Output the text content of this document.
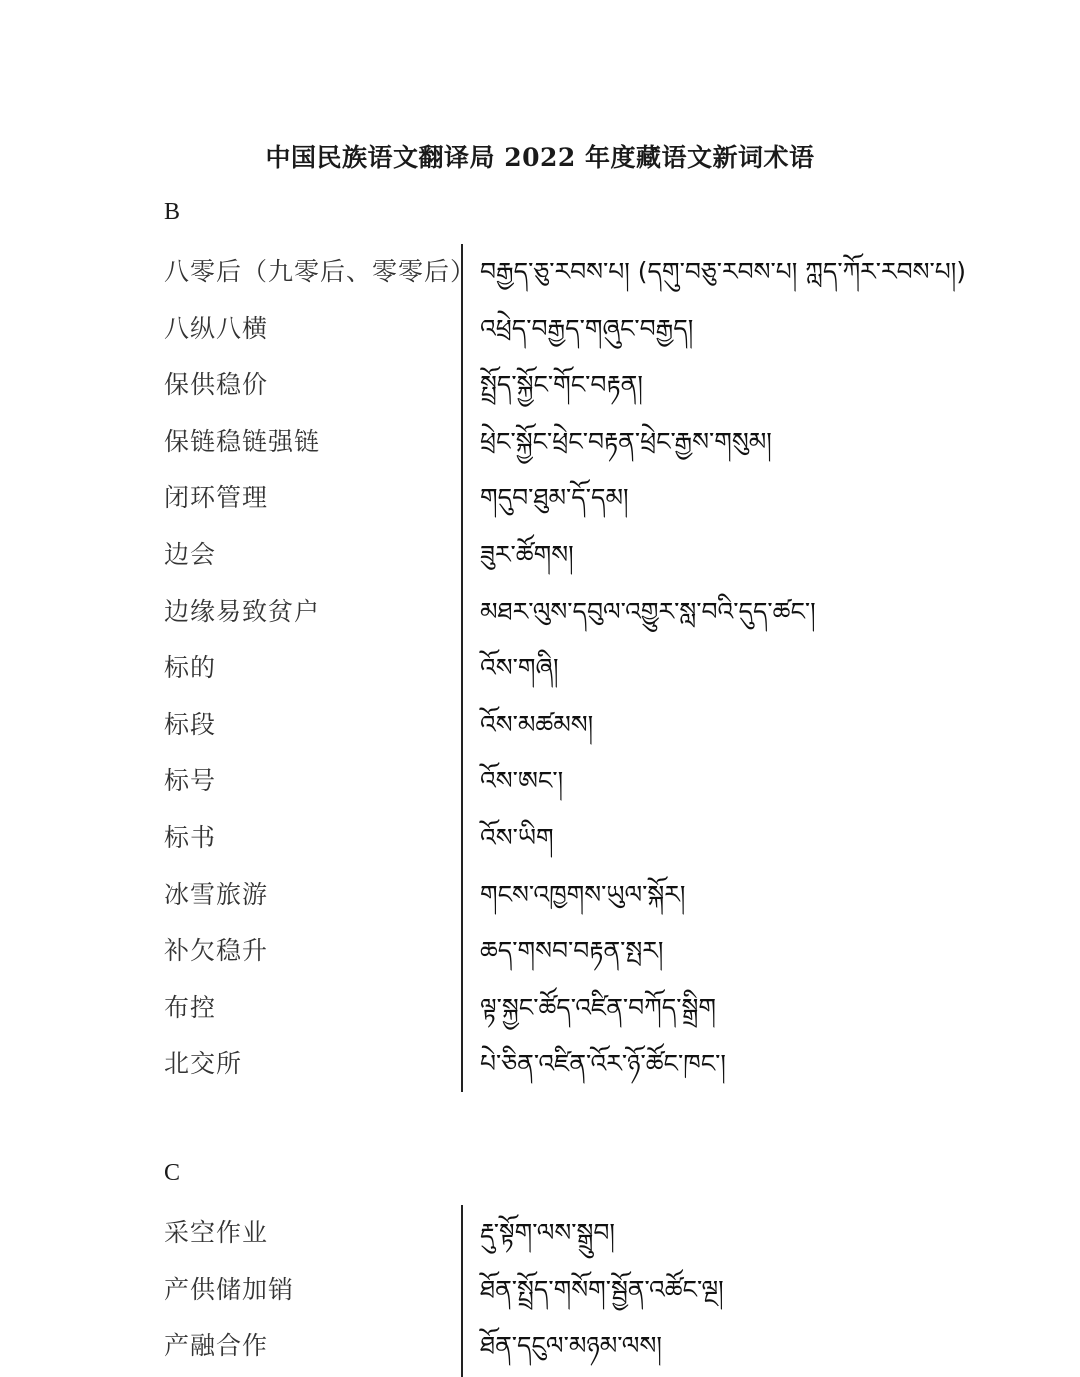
中国民族语文翻译局 2022 年度藏语文新词术语
B
八零后（九零后、零零后） བརྒྱད་ཅུ་རབས་པ། (དགུ་བཅུ་རབས་པ། ཀླད་ཀོར་རབས་པ།)
八纵八横	འཕྲེད་བརྒྱད་གཞུང་བརྒྱད།
保供稳价	སྤྲོད་སྐྱོང་གོང་བརྟན།
保链稳链强链	ཕྲེང་སྐྱོང་ཕྲེང་བརྟན་ཕྲེང་རྒྱས་གསུམ།
闭环管理	གདུབ་ཐུམ་དོ་དམ།
边会	ཟུར་ཚོགས།
边缘易致贫户	མཐར་ལུས་དབུལ་འགྱུར་སླ་བའི་དུད་ཚང་།
标的	འོས་གཞི།
标段	འོས་མཚམས།
标号	འོས་ཨང་།
标书	འོས་ཡིག
冰雪旅游	གངས་འཁྱགས་ཡུལ་སྐོར།
补欠稳升	ཆད་གསབ་བརྟན་སྤར།
布控	ལྟ་སྐྱང་ཚོད་འཛིན་བཀོད་སྒྲིག
北交所	པེ་ཅིན་འཛིན་འོར་ཉོ་ཚོང་ཁང་།
C
采空作业	རྡུ་སྟོག་ལས་སྒྲུབ།
产供储加销	ཐོན་སྤྲོད་གསོག་སྦྱོན་འཚོང་ལྔ།
产融合作	ཐོན་དངུལ་མཉམ་ལས།
